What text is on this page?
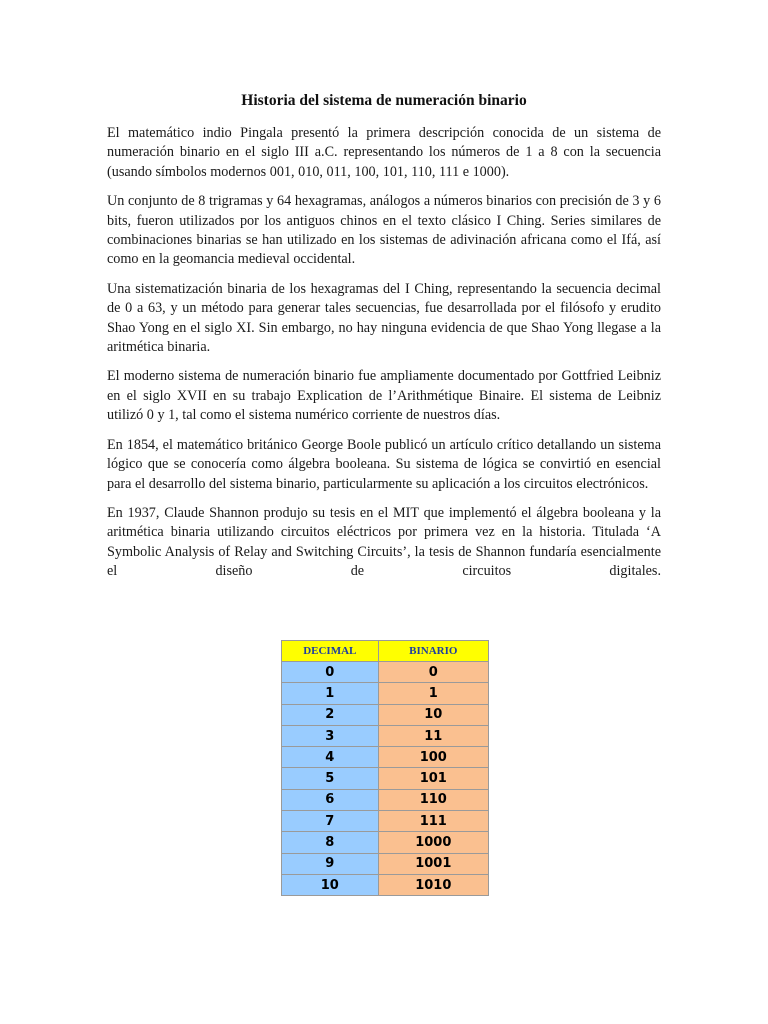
Historia del sistema de numeración binario

El matemático indio Pingala presentó la primera descripción conocida de un sistema de numeración binario en el siglo III a.C. representando los números de 1 a 8 con la secuencia (usando símbolos modernos 001, 010, 011, 100, 101, 110, 111 e 1000).

Un conjunto de 8 trigramas y 64 hexagramas, análogos a números binarios con precisión de 3 y 6 bits, fueron utilizados por los antiguos chinos en el texto clásico I Ching. Series similares de combinaciones binarias se han utilizado en los sistemas de adivinación africana como el Ifá, así como en la geomancia medieval occidental.

Una sistematización binaria de los hexagramas del I Ching, representando la secuencia decimal de 0 a 63, y un método para generar tales secuencias, fue desarrollada por el filósofo y erudito Shao Yong en el siglo XI. Sin embargo, no hay ninguna evidencia de que Shao Yong llegase a la aritmética binaria.

El moderno sistema de numeración binario fue ampliamente documentado por Gottfried Leibniz en el siglo XVII en su trabajo Explication de l’Arithmétique Binaire. El sistema de Leibniz utilizó 0 y 1, tal como el sistema numérico corriente de nuestros días.

En 1854, el matemático británico George Boole publicó un artículo crítico detallando un sistema lógico que se conocería como álgebra booleana. Su sistema de lógica se convirtió en esencial para el desarrollo del sistema binario, particularmente su aplicación a los circuitos electrónicos.

En 1937, Claude Shannon produjo su tesis en el MIT que implementó el álgebra booleana y la aritmética binaria utilizando circuitos eléctricos por primera vez en la historia. Titulada ‘A Symbolic Analysis of Relay and Switching Circuits’, la tesis de Shannon fundaría esencialmente el diseño de circuitos digitales.

DECIMAL	BINARIO
0	0
1	1
2	10
3	11
4	100
5	101
6	110
7	111
8	1000
9	1001
10	1010
